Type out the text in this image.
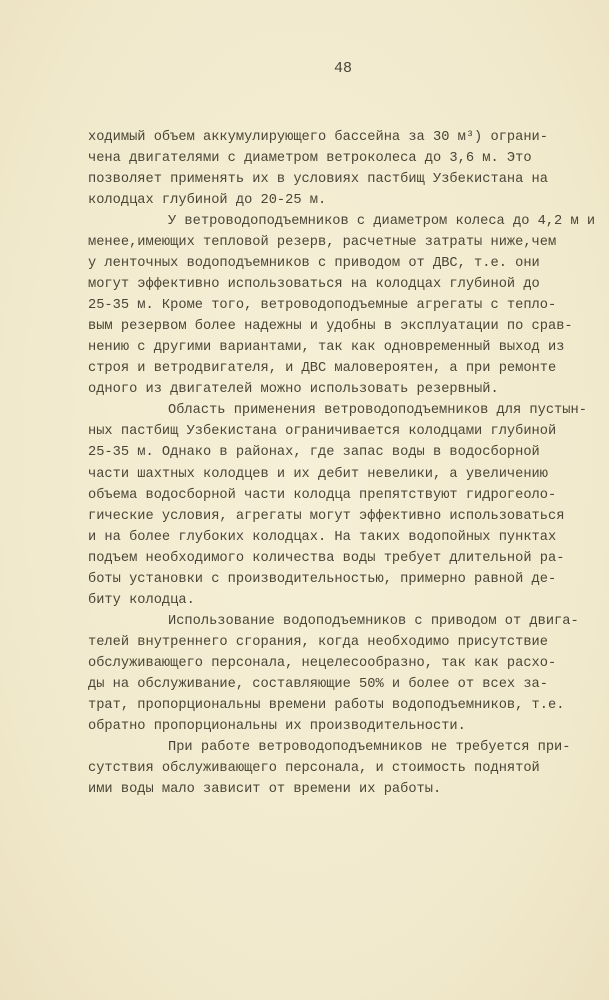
48
ходимый объем аккумулирующего бассейна за 30 м³) ограни-
чена двигателями с диаметром ветроколеса до 3,6 м. Это
позволяет применять их в условиях пастбищ Узбекистана на
колодцах глубиной до 20-25 м.
У ветроводоподъемников с диаметром колеса до 4,2 м и
менее,имеющих тепловой резерв, расчетные затраты ниже,чем
у ленточных водоподъемников с приводом от ДВС, т.е. они
могут эффективно использоваться на колодцах глубиной до
25-35 м. Кроме того, ветроводоподъемные агрегаты с тепло-
вым резервом более надежны и удобны в эксплуатации по срав-
нению с другими вариантами, так как одновременный выход из
строя и ветродвигателя, и ДВС маловероятен, а при ремонте
одного из двигателей можно использовать резервный.
Область применения ветроводоподъемников для пустын-
ных пастбищ Узбекистана ограничивается колодцами глубиной
25-35 м. Однако в районах, где запас воды в водосборной
части шахтных колодцев и их дебит невелики, а увеличению
объема водосборной части колодца препятствуют гидрогеоло-
гические условия, агрегаты могут эффективно использоваться
и на более глубоких колодцах. На таких водопойных пунктах
подъем необходимого количества воды требует длительной ра-
боты установки с производительностью, примерно равной де-
биту колодца.
Использование водоподъемников с приводом от двига-
телей внутреннего сгорания, когда необходимо присутствие
обслуживающего персонала, нецелесообразно, так как расхо-
ды на обслуживание, составляющие 50% и более от всех за-
трат, пропорциональны времени работы водоподъемников, т.е.
обратно пропорциональны их производительности.
При работе ветроводоподъемников не требуется при-
сутствия обслуживающего персонала, и стоимость поднятой
ими воды мало зависит от времени их работы.
